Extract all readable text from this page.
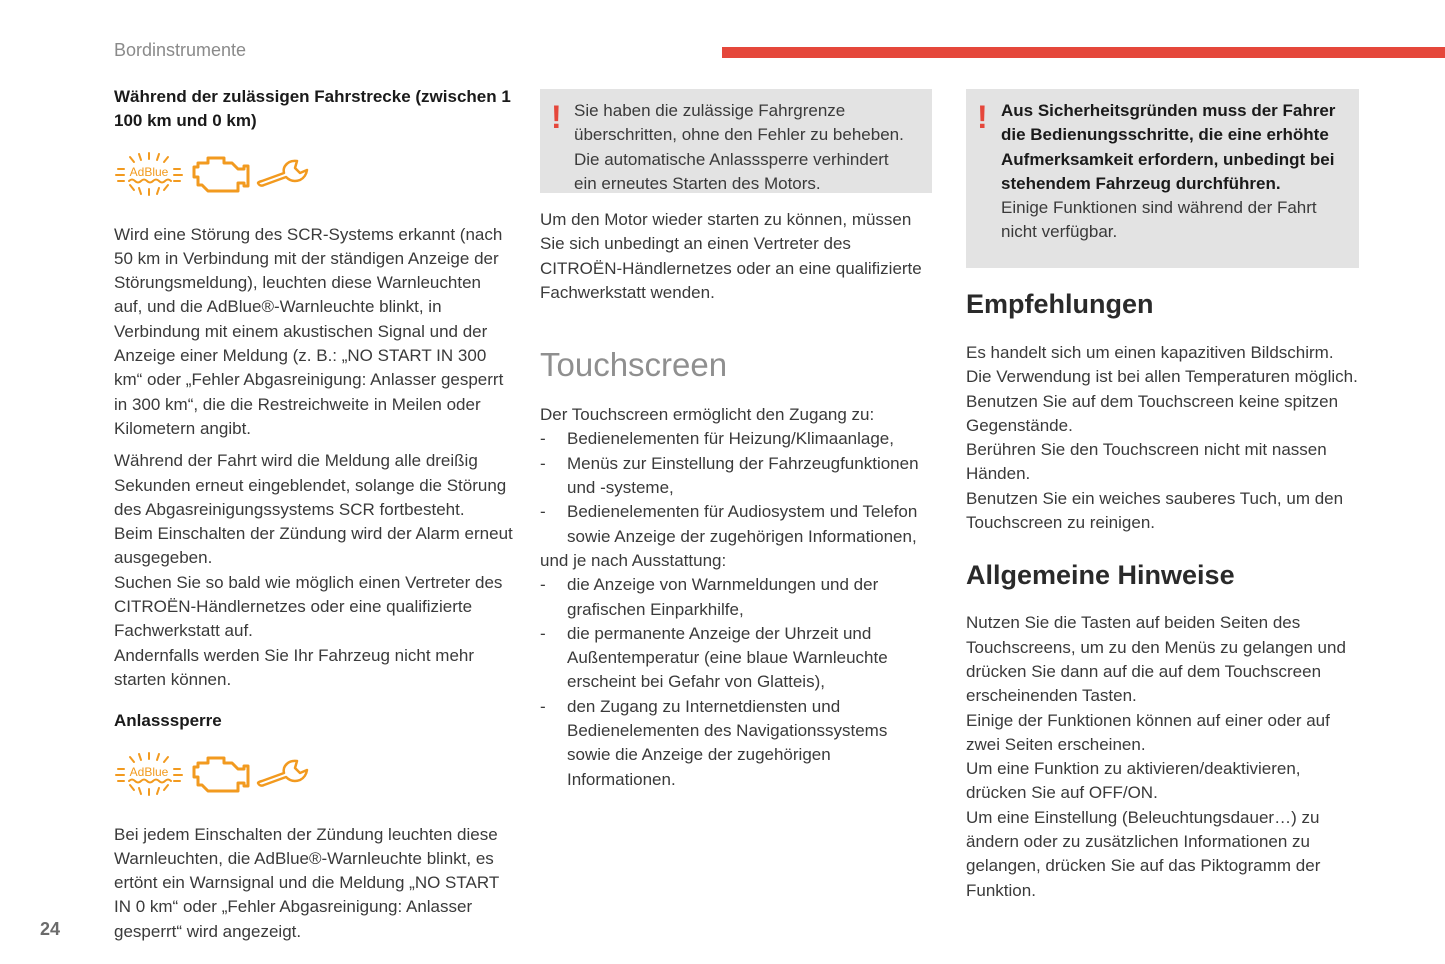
Bordinstrumente
24

Während der zulässigen Fahrstrecke (zwischen 1 100 km und 0 km)

AdBlue

Wird eine Störung des SCR-Systems erkannt (nach 50 km in Verbindung mit der ständigen Anzeige der Störungsmeldung), leuchten diese Warnleuchten auf, und die AdBlue®-Warnleuchte blinkt, in Verbindung mit einem akustischen Signal und der Anzeige einer Meldung (z. B.: „NO START IN 300 km“ oder „Fehler Abgasreinigung: Anlasser gesperrt in 300 km“, die die Restreichweite in Meilen oder Kilometern angibt.

Während der Fahrt wird die Meldung alle dreißig Sekunden erneut eingeblendet, solange die Störung des Abgasreinigungssystems SCR fortbesteht.

Beim Einschalten der Zündung wird der Alarm erneut ausgegeben.

Suchen Sie so bald wie möglich einen Vertreter des CITROËN-Händlernetzes oder eine qualifizierte Fachwerkstatt auf.

Andernfalls werden Sie Ihr Fahrzeug nicht mehr starten können.

Anlasssperre

AdBlue

Bei jedem Einschalten der Zündung leuchten diese Warnleuchten, die AdBlue®-Warnleuchte blinkt, es ertönt ein Warnsignal und die Meldung „NO START IN 0 km“ oder „Fehler Abgasreinigung: Anlasser gesperrt“ wird angezeigt.

! Sie haben die zulässige Fahrgrenze überschritten, ohne den Fehler zu beheben. Die automatische Anlasssperre verhindert ein erneutes Starten des Motors.

Um den Motor wieder starten zu können, müssen Sie sich unbedingt an einen Vertreter des CITROËN-Händlernetzes oder an eine qualifizierte Fachwerkstatt wenden.

Touchscreen

Der Touchscreen ermöglicht den Zugang zu:

- Bedienelementen für Heizung/Klimaanlage,
- Menüs zur Einstellung der Fahrzeugfunktionen und -systeme,
- Bedienelementen für Audiosystem und Telefon sowie Anzeige der zugehörigen Informationen,

und je nach Ausstattung:

- die Anzeige von Warnmeldungen und der grafischen Einparkhilfe,
- die permanente Anzeige der Uhrzeit und Außentemperatur (eine blaue Warnleuchte erscheint bei Gefahr von Glatteis),
- den Zugang zu Internetdiensten und Bedienelementen des Navigationssystems sowie die Anzeige der zugehörigen Informationen.
! Aus Sicherheitsgründen muss der Fahrer die Bedienungsschritte, die eine erhöhte Aufmerksamkeit erfordern, unbedingt bei stehendem Fahrzeug durchführen.

Einige Funktionen sind während der Fahrt nicht verfügbar.

Empfehlungen

Es handelt sich um einen kapazitiven Bildschirm.

Die Verwendung ist bei allen Temperaturen möglich.

Benutzen Sie auf dem Touchscreen keine spitzen Gegenstände.

Berühren Sie den Touchscreen nicht mit nassen Händen.

Benutzen Sie ein weiches sauberes Tuch, um den Touchscreen zu reinigen.

Allgemeine Hinweise

Nutzen Sie die Tasten auf beiden Seiten des Touchscreens, um zu den Menüs zu gelangen und drücken Sie dann auf die auf dem Touchscreen erscheinenden Tasten.

Einige der Funktionen können auf einer oder auf zwei Seiten erscheinen.

Um eine Funktion zu aktivieren/deaktivieren, drücken Sie auf OFF/ON.

Um eine Einstellung (Beleuchtungsdauer…) zu ändern oder zu zusätzlichen Informationen zu gelangen, drücken Sie auf das Piktogramm der Funktion.
